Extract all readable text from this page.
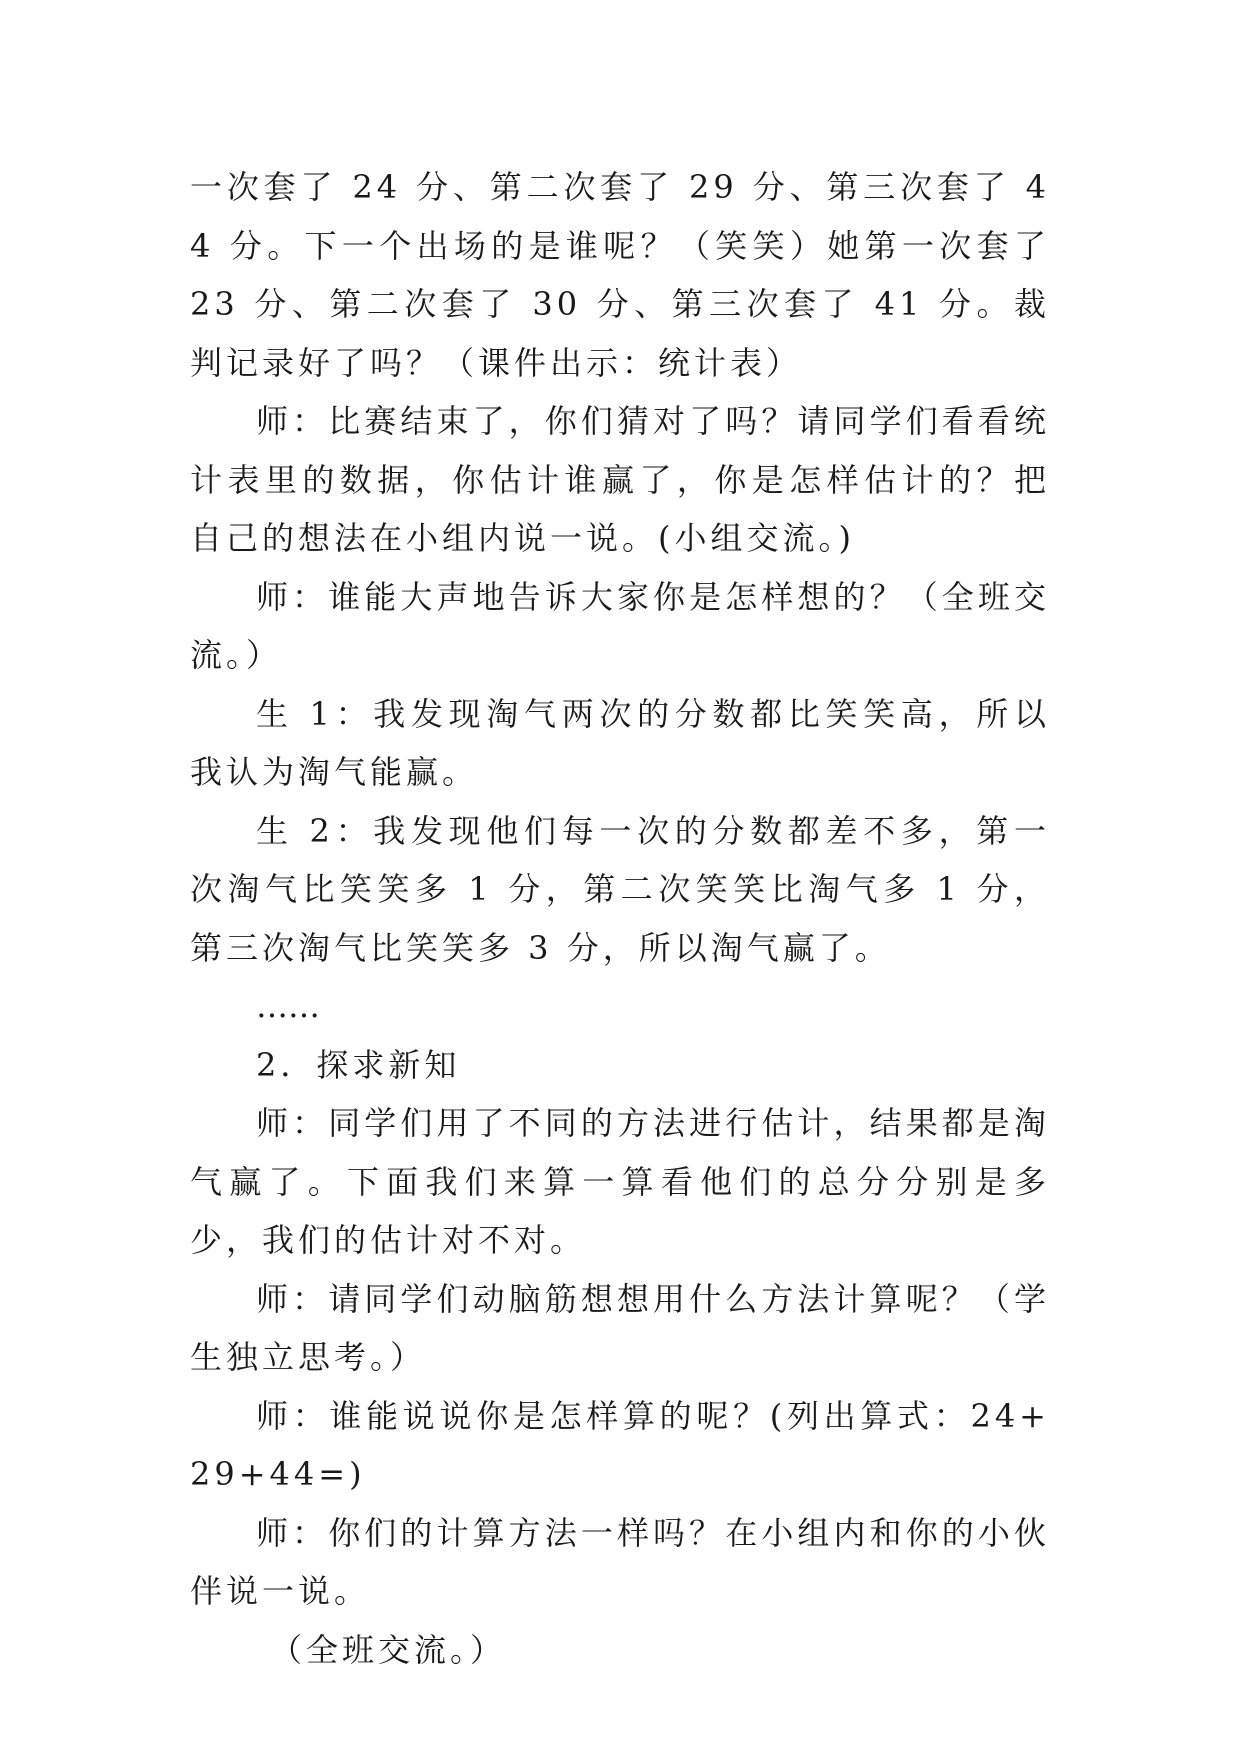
一次套了 24 分、第二次套了 29 分、第三次套了 44 分。下一个出场的是谁呢？（笑笑）她第一次套了 23 分、第二次套了 30 分、第三次套了 41 分。裁判记录好了吗？（课件出示：统计表）

师：比赛结束了，你们猜对了吗？请同学们看看统计表里的数据，你估计谁赢了，你是怎样估计的？把自己的想法在小组内说一说。(小组交流。)

师：谁能大声地告诉大家你是怎样想的？（全班交流。）

生 1：我发现淘气两次的分数都比笑笑高，所以我认为淘气能赢。

生 2：我发现他们每一次的分数都差不多，第一次淘气比笑笑多 1 分，第二次笑笑比淘气多 1 分，第三次淘气比笑笑多 3 分，所以淘气赢了。

……

2．探求新知

师：同学们用了不同的方法进行估计，结果都是淘气赢了。下面我们来算一算看他们的总分分别是多少，我们的估计对不对。

师：请同学们动脑筋想想用什么方法计算呢？（学生独立思考。）

师：谁能说说你是怎样算的呢？(列出算式：24+29+44=)

师：你们的计算方法一样吗？在小组内和你的小伙伴说一说。

（全班交流。）
